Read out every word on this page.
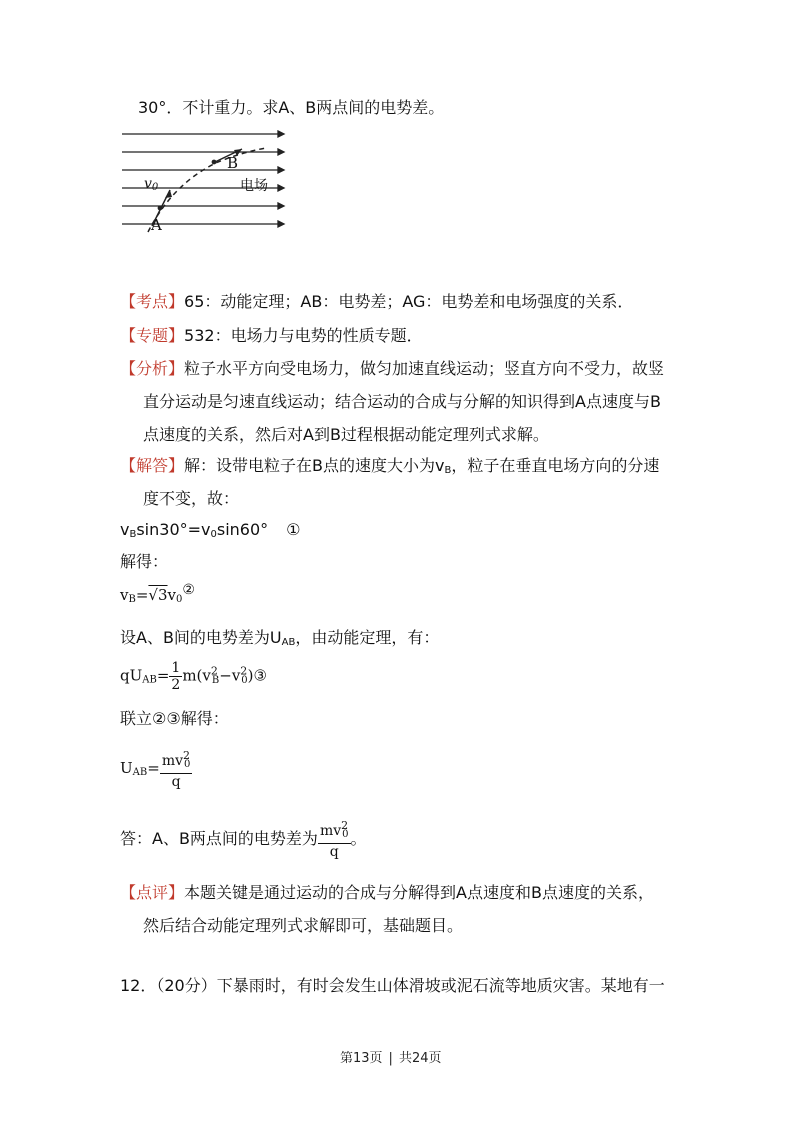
30°．不计重力。求A、B两点间的电势差。
B
$v_0$	电场
A
【考点】65：动能定理；AB：电势差；AG：电势差和电场强度的关系．
【专题】532：电场力与电势的性质专题．
【分析】粒子水平方向受电场力，做匀加速直线运动；竖直方向不受力，故竖
直分运动是匀速直线运动；结合运动的合成与分解的知识得到A点速度与B
点速度的关系，然后对A到B过程根据动能定理列式求解。
【解答】解：设带电粒子在B点的速度大小为$v_B$，粒子在垂直电场方向的分速
度不变，故：
$v_B\sin 30^\circ=v_0\sin 60^\circ$ ①
解得：
$v_B=√3v_0^②$
设A、B间的电势差为$U_{AB}$，由动能定理，有：
$qU_{AB}= \frac{1}{2}$ $m(v^2_B-v^2_0)③$
联立②③解得：
$U_{AB}= \frac{mv^2_0}{q}$
答：A、B两点间的电势差为 $\frac{mv^2_0}{q}$ 。
【点评】本题关键是通过运动的合成与分解得到A点速度和B点速度的关系，
然后结合动能定理列式求解即可，基础题目。
12．（20分）下暴雨时，有时会发生山体滑坡或泥石流等地质灾害。某地有一
第13页 | 共24页
